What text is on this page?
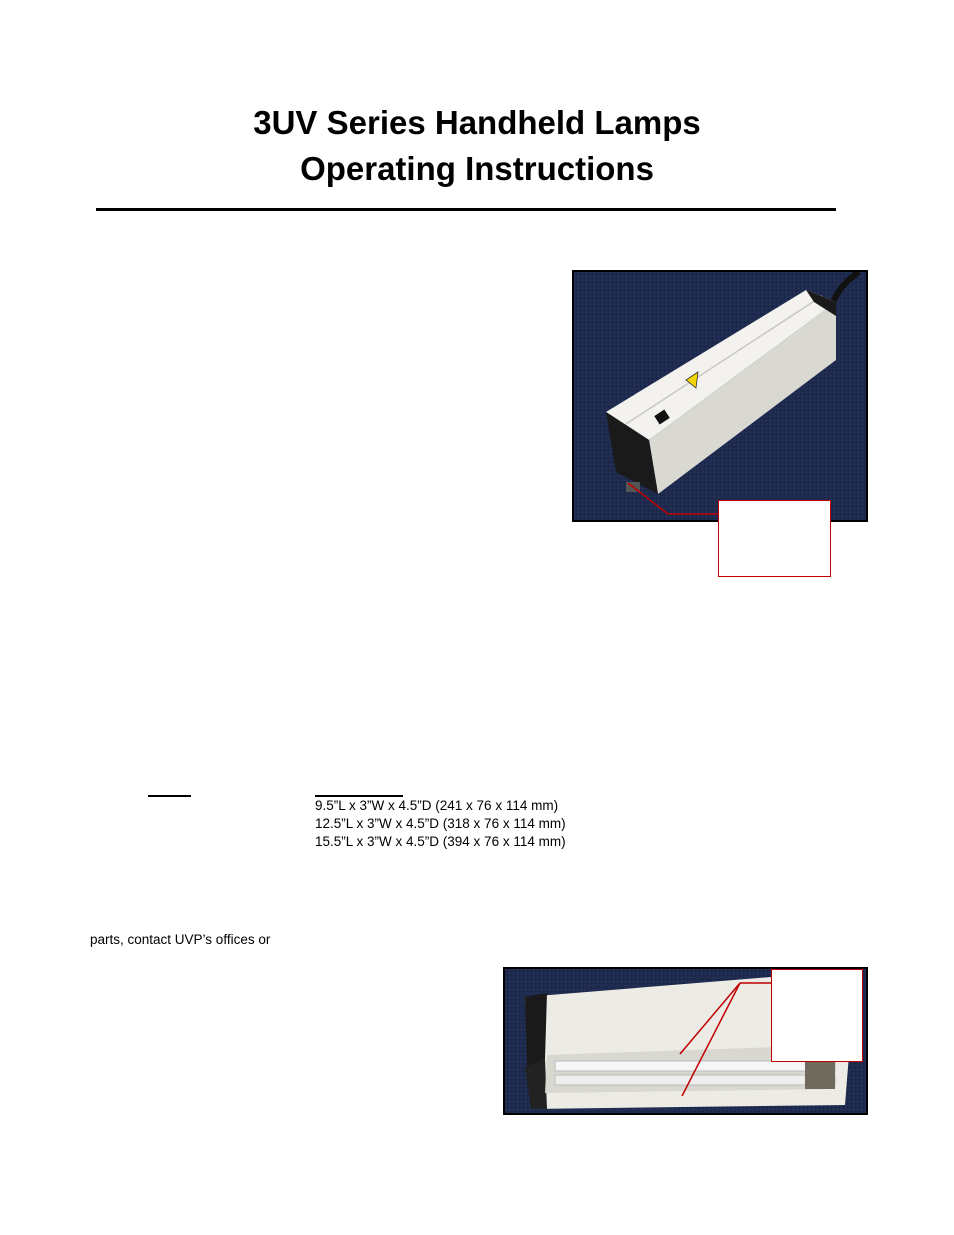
3UV Series Handheld Lamps
Operating Instructions
9.5”L x 3”W x 4.5”D (241 x 76 x 114 mm)
12.5”L x 3”W x 4.5”D (318 x 76 x 114 mm)
15.5”L x 3”W x 4.5”D (394 x 76 x 114 mm)
parts, contact UVP’s offices or
